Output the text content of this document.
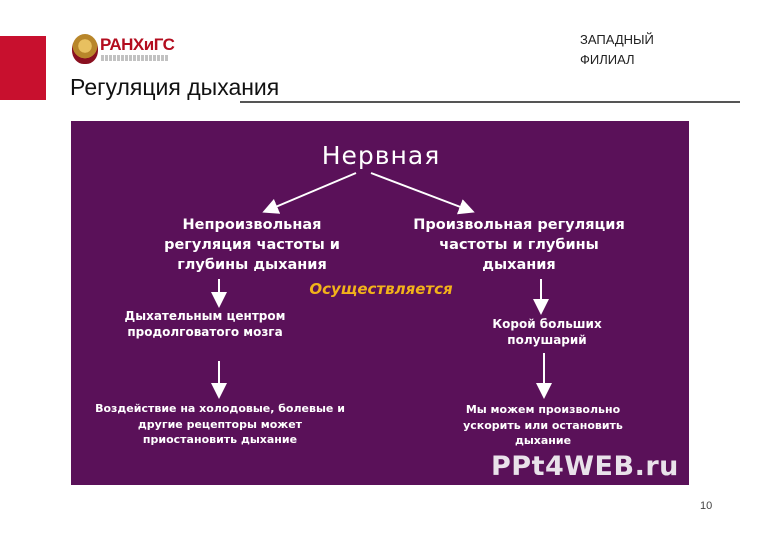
РАНХиГС	ЗАПАДНЫЙ ФИЛИАЛ
Регуляция дыхания
Нервная
Непроизвольная регуляция частоты и глубины дыхания
Произвольная регуляция частоты и глубины дыхания
Осуществляется
Дыхательным центром продолговатого мозга
Корой больших полушарий
Воздействие на холодовые, болевые и другие рецепторы может приостановить дыхание
Мы можем произвольно ускорить или остановить дыхание
PPt4WEB.ru
10
